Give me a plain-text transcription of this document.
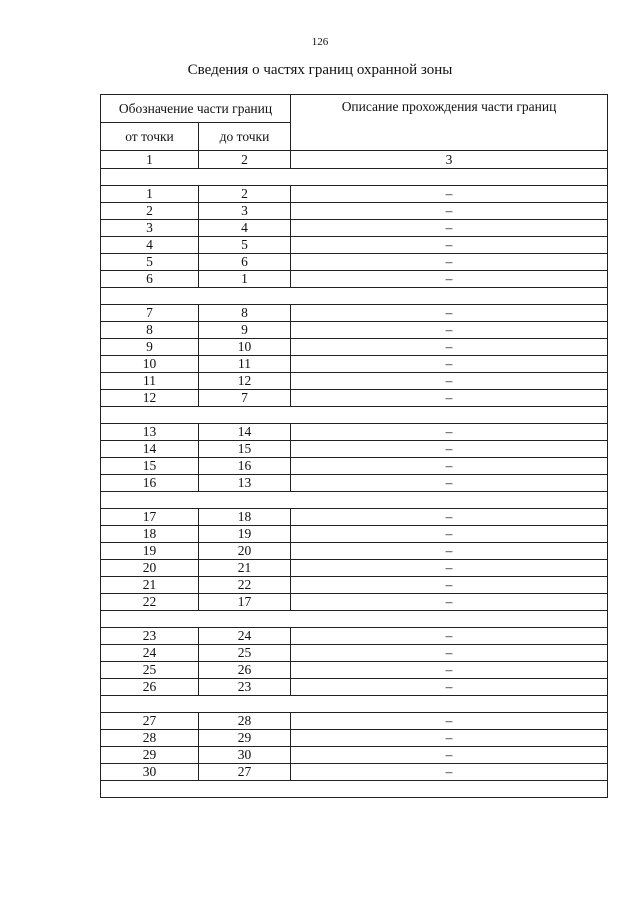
126
Сведения о частях границ охранной зоны
Обозначение части границ		Описание прохождения части границ
от точки	до точки	
1	2	3

1	2	–
2	3	–
3	4	–
4	5	–
5	6	–
6	1	–

7	8	–
8	9	–
9	10	–
10	11	–
11	12	–
12	7	–

13	14	–
14	15	–
15	16	–
16	13	–

17	18	–
18	19	–
19	20	–
20	21	–
21	22	–
22	17	–

23	24	–
24	25	–
25	26	–
26	23	–

27	28	–
28	29	–
29	30	–
30	27	–
